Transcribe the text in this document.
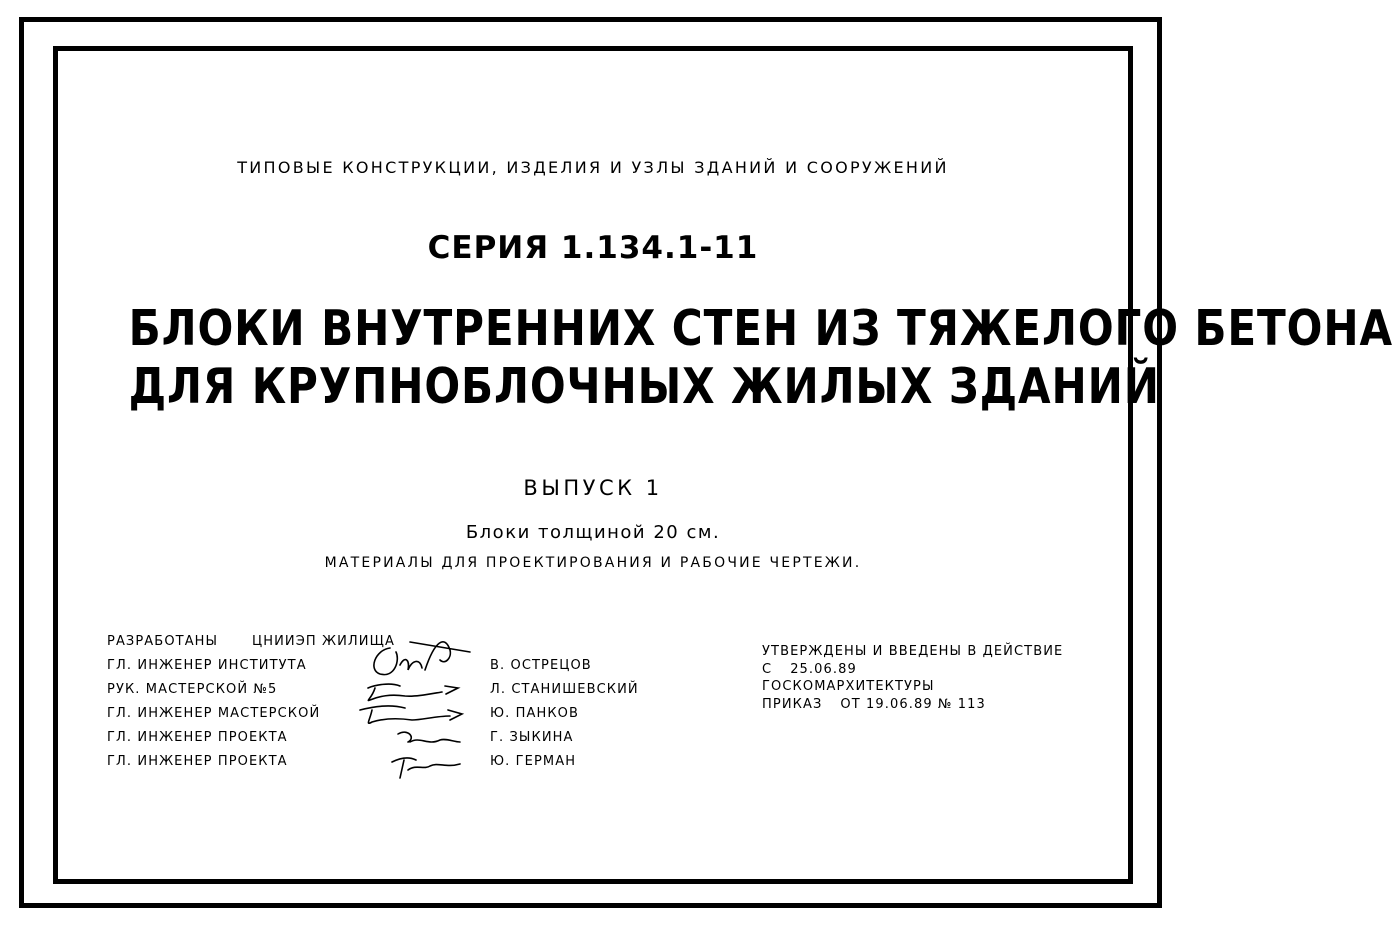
ТИПОВЫЕ КОНСТРУКЦИИ, ИЗДЕЛИЯ И УЗЛЫ ЗДАНИЙ И СООРУЖЕНИЙ
СЕРИЯ 1.134.1-11
БЛОКИ ВНУТРЕННИХ СТЕН ИЗ ТЯЖЕЛОГО БЕТОНА
ДЛЯ КРУПНОБЛОЧНЫХ ЖИЛЫХ ЗДАНИЙ
ВЫПУСК 1
Блоки толщиной 20 см.
МАТЕРИАЛЫ ДЛЯ ПРОЕКТИРОВАНИЯ И РАБОЧИЕ ЧЕРТЕЖИ.
РАЗРАБОТАНЫ	ЦНИИЭП ЖИЛИЩА
ГЛ. ИНЖЕНЕР ИНСТИТУТА	В. ОСТРЕЦОВ
РУК. МАСТЕРСКОЙ №5	Л. СТАНИШЕВСКИЙ
ГЛ. ИНЖЕНЕР МАСТЕРСКОЙ	Ю. ПАНКОВ
ГЛ. ИНЖЕНЕР ПРОЕКТА	Г. ЗЫКИНА
ГЛ. ИНЖЕНЕР ПРОЕКТА	Ю. ГЕРМАН
УТВЕРЖДЕНЫ И ВВЕДЕНЫ В ДЕЙСТВИЕ
С 25.06.89
ГОСКОМАРХИТЕКТУРЫ
ПРИКАЗ ОТ 19.06.89 № 113
